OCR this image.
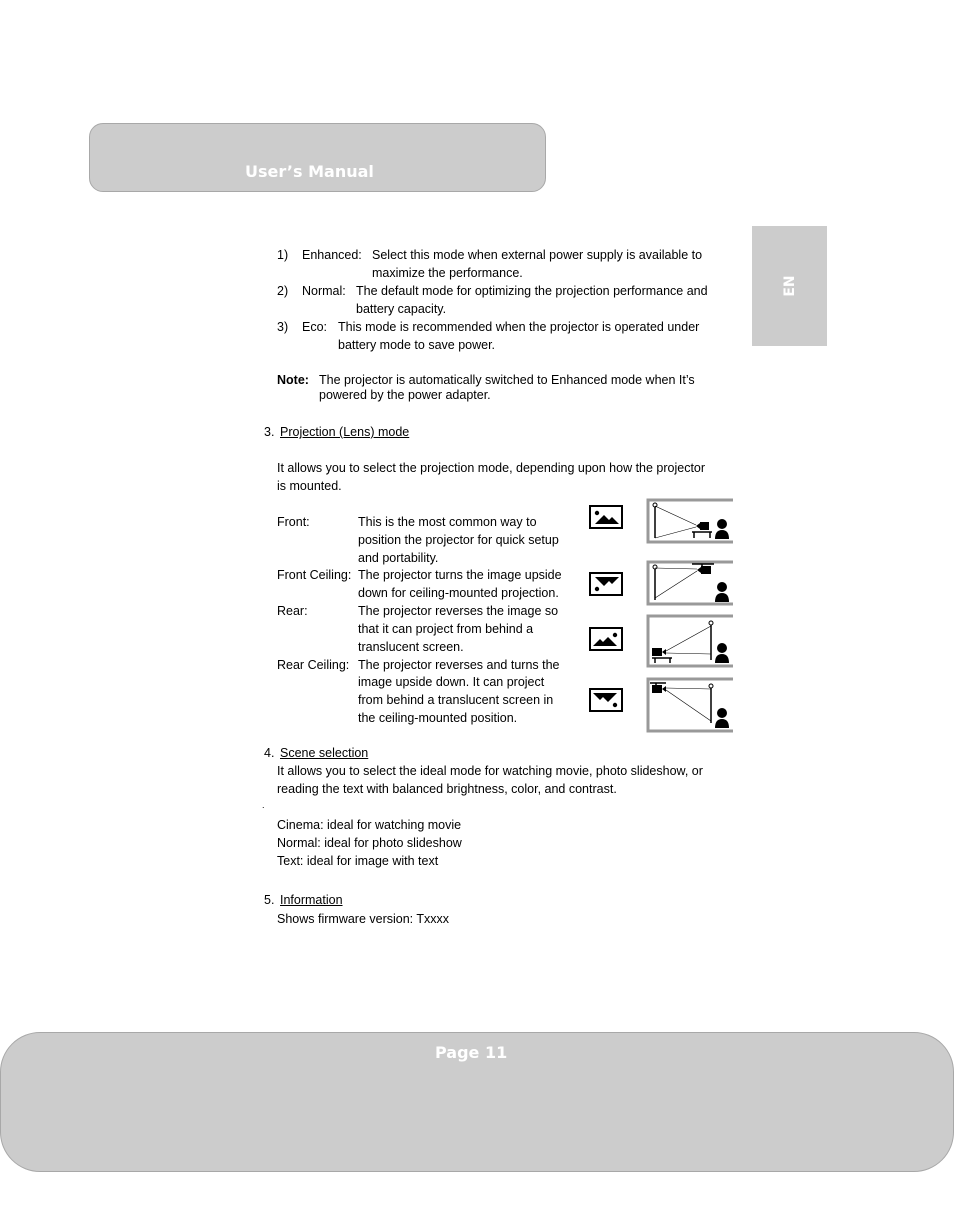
User’s Manual
EN
1) Enhanced: Select this mode when external power supply is available to
maximize the performance.
2) Normal: The default mode for optimizing the projection performance and
battery capacity.
3) Eco: This mode is recommended when the projector is operated under
battery mode to save power.
Note: The projector is automatically switched to Enhanced mode when It’s
powered by the power adapter.
3. Projection (Lens) mode
It allows you to select the projection mode, depending upon how the projector
is mounted.
Front:	This is the most common way to
position the projector for quick setup
and portability.
Front Ceiling: The projector turns the image upside
down for ceiling-mounted projection.
Rear:	The projector reverses the image so
that it can project from behind a
translucent screen.
Rear Ceiling: The projector reverses and turns the
image upside down. It can project
from behind a translucent screen in
the ceiling-mounted position.
4. Scene selection
It allows you to select the ideal mode for watching movie, photo slideshow, or
reading the text with balanced brightness, color, and contrast.
.
Cinema: ideal for watching movie
Normal: ideal for photo slideshow
Text: ideal for image with text
5. Information
Shows firmware version: Txxxx
Page 11
